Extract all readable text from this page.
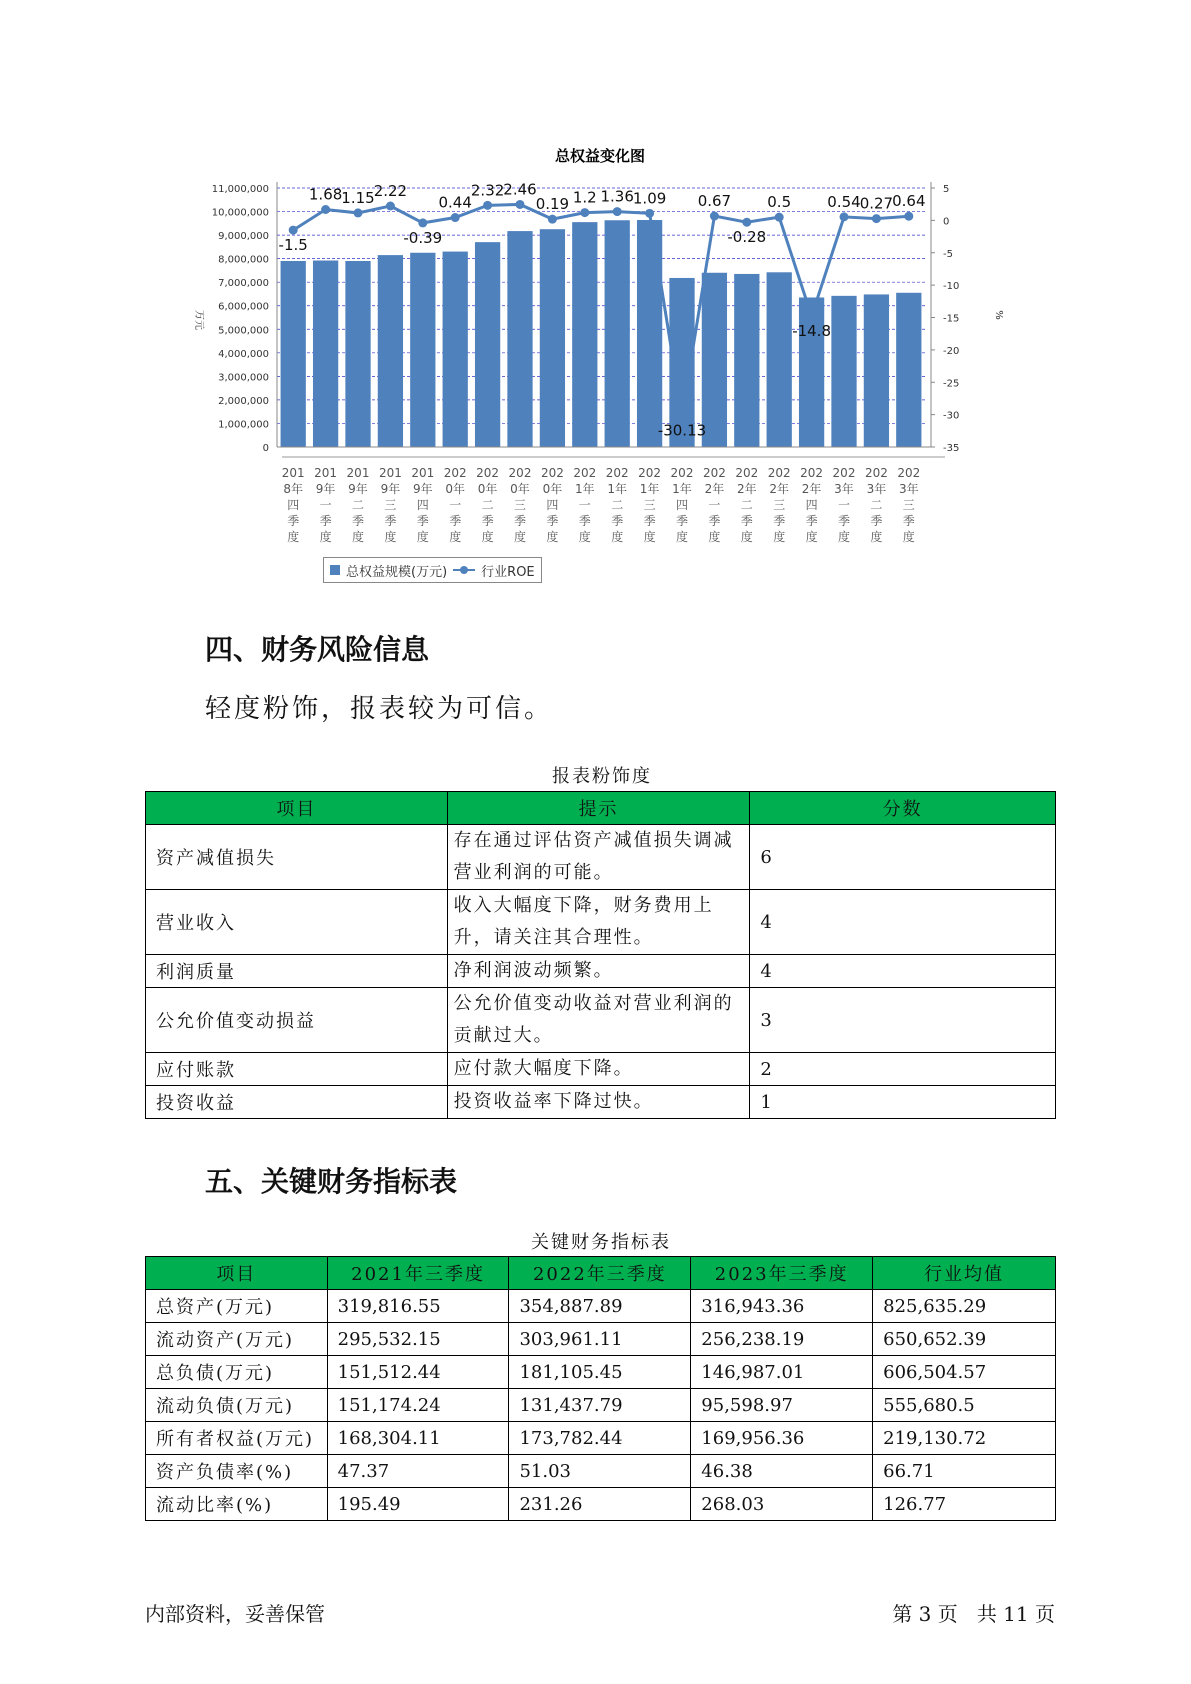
总权益变化图
万元	%
11,000,000
10,000,000
9,000,000
8,000,000
7,000,000
6,000,000
5,000,000
4,000,000
3,000,000
2,000,000
1,000,000
0
5
0
-5
-10
-15
-20
-25
-30
-35
-1.5
1.68
1.15
2.22
-0.39
0.44
2.32
2.46
0.19 1.2 1.36
1.09
-30.13
0.67
-0.28
0.5
-14.8
0.54
0.27
0.64
201
8年
四
季
度
201
9年
一
季
度
201
9年
二
季
度
201
9年
三
季
度
201
9年
四
季
度
202
0年
一
季
度
202
0年
二
季
度
202
0年
三
季
度
202
0年
四
季
度
202
1年
一
季
度
202
1年
二
季
度
202
1年
三
季
度
202
1年
四
季
度
202
2年
一
季
度
202
2年
二
季
度
202
2年
三
季
度
202
2年
四
季
度
202
3年
一
季
度
202
3年
二
季
度
202
3年
三
季
度
总权益规模(万元)	行业ROE
四、财务风险信息
轻度粉饰，报表较为可信。
报表粉饰度
项目	提示	分数
资产减值损失	存在通过评估资产减值损失调减营业利润的可能。	6
营业收入	收入大幅度下降，财务费用上升，请关注其合理性。	4
利润质量	净利润波动频繁。	4
公允价值变动损益	公允价值变动收益对营业利润的贡献过大。	3
应付账款	应付款大幅度下降。	2
投资收益	投资收益率下降过快。	1
五、关键财务指标表
关键财务指标表
项目	2021年三季度	2022年三季度	2023年三季度	行业均值
总资产(万元)	319,816.55	354,887.89	316,943.36	825,635.29
流动资产(万元)	295,532.15	303,961.11	256,238.19	650,652.39
总负债(万元)	151,512.44	181,105.45	146,987.01	606,504.57
流动负债(万元)	151,174.24	131,437.79	95,598.97	555,680.5
所有者权益(万元)	168,304.11	173,782.44	169,956.36	219,130.72
资产负债率(%)	47.37	51.03	46.38	66.71
流动比率(%)	195.49	231.26	268.03	126.77
内部资料，妥善保管	第 3 页   共 11 页
